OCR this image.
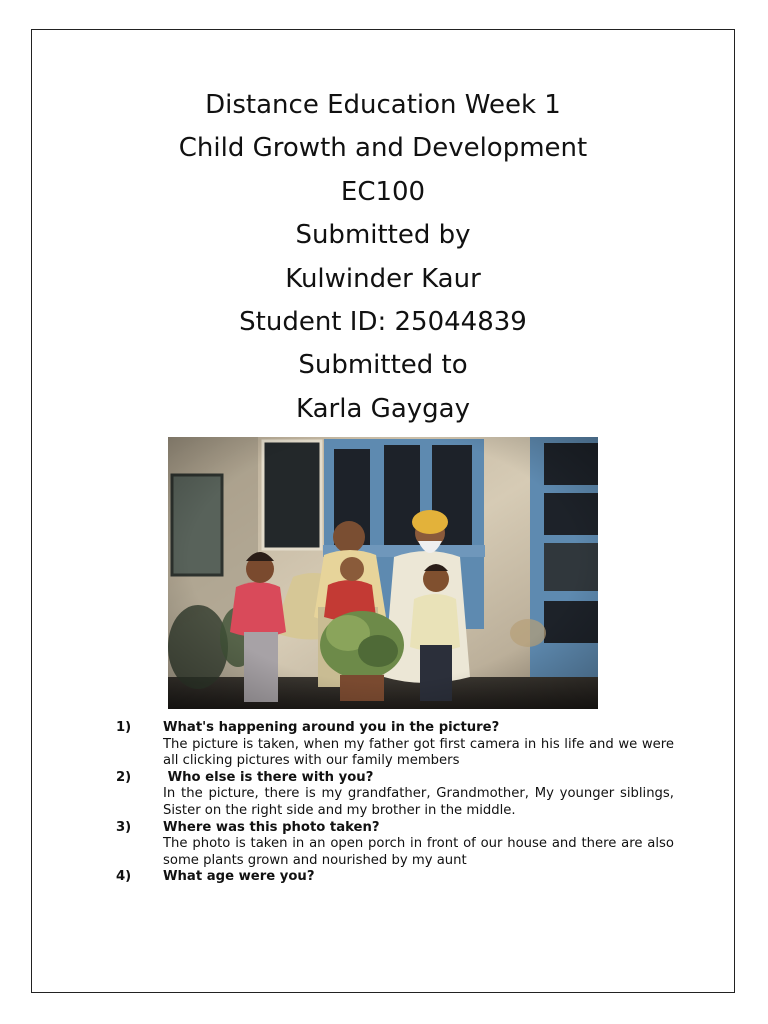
Distance Education Week 1
Child Growth and Development
EC100
Submitted by
Kulwinder Kaur
Student ID: 25044839
Submitted to
Karla Gaygay
1) What's happening around you in the picture?
The picture is taken, when my father got first camera in his life and we were all clicking pictures with our family members
2) Who else is there with you?
In the picture, there is my grandfather, Grandmother, My younger siblings, Sister on the right side and my brother in the middle.
3) Where was this photo taken?
The photo is taken in an open porch in front of our house and there are also some plants grown and nourished by my aunt
4) What age were you?
